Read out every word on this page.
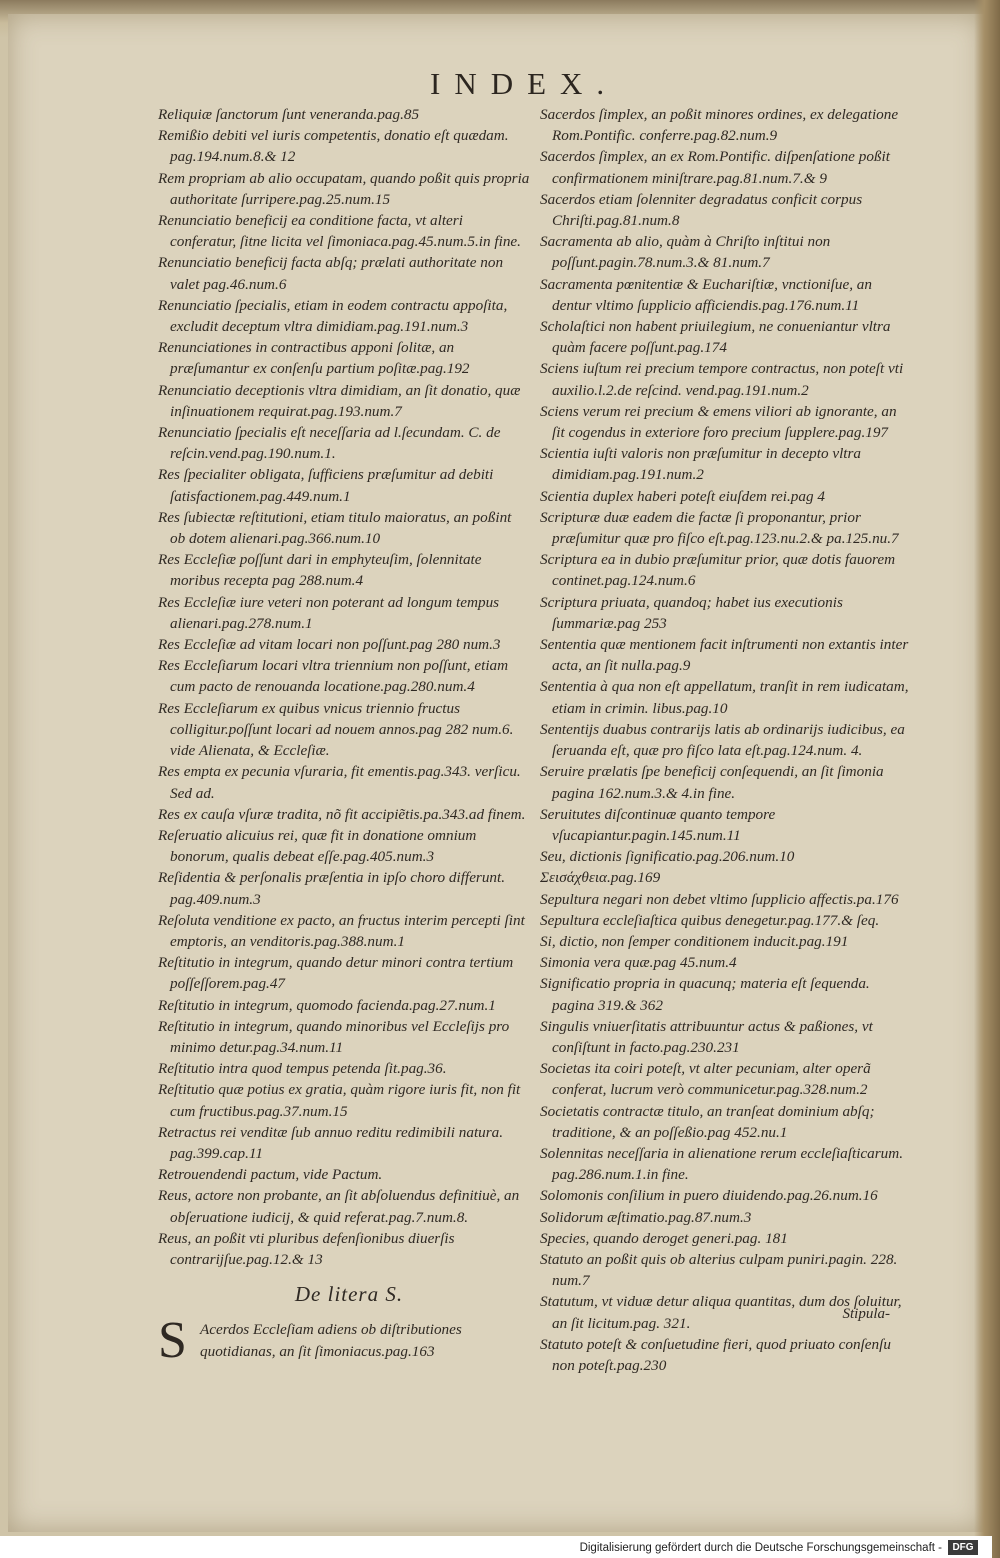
INDEX.

Reliquiæ ſanctorum ſunt veneranda.pag.85

Remißio debiti vel iuris competentis, donatio eſt quædam. pag.194.num.8.& 12

Rem propriam ab alio occupatam, quando poßit quis propria authoritate ſurripere.pag.25.num.15

Renunciatio beneficij ea conditione facta, vt alteri conferatur, ſitne licita vel ſimoniaca.pag.45.num.5.in fine.

Renunciatio beneficij facta abſq; prælati authoritate non valet pag.46.num.6

Renunciatio ſpecialis, etiam in eodem contractu appoſita, excludit deceptum vltra dimidiam.pag.191.num.3

Renunciationes in contractibus apponi ſolitæ, an præſumantur ex conſenſu partium poſitæ.pag.192

Renunciatio deceptionis vltra dimidiam, an ſit donatio, quæ inſinuationem requirat.pag.193.num.7

Renunciatio ſpecialis eſt neceſſaria ad l.ſecundam. C. de reſcin.vend.pag.190.num.1.

Res ſpecialiter obligata, ſufficiens præſumitur ad debiti ſatisfactionem.pag.449.num.1

Res ſubiectæ reſtitutioni, etiam titulo maioratus, an poßint ob dotem alienari.pag.366.num.10

Res Eccleſiæ poſſunt dari in emphyteuſim, ſolennitate moribus recepta pag 288.num.4

Res Eccleſiæ iure veteri non poterant ad longum tempus alienari.pag.278.num.1

Res Eccleſiæ ad vitam locari non poſſunt.pag 280 num.3

Res Eccleſiarum locari vltra triennium non poſſunt, etiam cum pacto de renouanda locatione.pag.280.num.4

Res Eccleſiarum ex quibus vnicus triennio fructus colligitur.poſſunt locari ad nouem annos.pag 282 num.6. vide Alienata, & Eccleſiæ.

Res empta ex pecunia vſuraria, fit ementis.pag.343. verſicu. Sed ad.

Res ex cauſa vſuræ tradita, nõ fit accipiẽtis.pa.343.ad finem.

Reſeruatio alicuius rei, quæ fit in donatione omnium bonorum, qualis debeat eſſe.pag.405.num.3

Reſidentia & perſonalis præſentia in ipſo choro differunt. pag.409.num.3

Reſoluta venditione ex pacto, an fructus interim percepti ſint emptoris, an venditoris.pag.388.num.1

Reſtitutio in integrum, quando detur minori contra tertium poſſeſſorem.pag.47

Reſtitutio in integrum, quomodo facienda.pag.27.num.1

Reſtitutio in integrum, quando minoribus vel Eccleſijs pro minimo detur.pag.34.num.11

Reſtitutio intra quod tempus petenda ſit.pag.36.

Reſtitutio quæ potius ex gratia, quàm rigore iuris fit, non fit cum fructibus.pag.37.num.15

Retractus rei venditæ ſub annuo reditu redimibili natura. pag.399.cap.11

Retrouendendi pactum, vide Pactum.

Reus, actore non probante, an ſit abſoluendus definitiuè, an obſeruatione iudicij, & quid referat.pag.7.num.8.

Reus, an poßit vti pluribus defenſionibus diuerſis contrarijſue.pag.12.& 13

De litera S.
S Acerdos Eccleſiam adiens ob diſtributiones quotidianas, an ſit ſimoniacus.pag.163

Sacerdos ſimplex, an poßit minores ordines, ex delegatione Rom.Pontific. conferre.pag.82.num.9

Sacerdos ſimplex, an ex Rom.Pontific. diſpenſatione poßit confirmationem miniſtrare.pag.81.num.7.& 9

Sacerdos etiam ſolenniter degradatus conficit corpus Chriſti.pag.81.num.8

Sacramenta ab alio, quàm à Chriſto inſtitui non poſſunt.pagin.78.num.3.& 81.num.7

Sacramenta pœnitentiæ & Euchariſtiæ, vnctioniſue, an dentur vltimo ſupplicio afficiendis.pag.176.num.11

Scholaſtici non habent priuilegium, ne conueniantur vltra quàm facere poſſunt.pag.174

Sciens iuſtum rei precium tempore contractus, non poteſt vti auxilio.l.2.de reſcind. vend.pag.191.num.2

Sciens verum rei precium & emens viliori ab ignorante, an ſit cogendus in exteriore foro precium ſupplere.pag.197

Scientia iuſti valoris non præſumitur in decepto vltra dimidiam.pag.191.num.2

Scientia duplex haberi poteſt eiuſdem rei.pag 4

Scripturæ duæ eadem die factæ ſi proponantur, prior præſumitur quæ pro fiſco eſt.pag.123.nu.2.& pa.125.nu.7

Scriptura ea in dubio præſumitur prior, quæ dotis fauorem continet.pag.124.num.6

Scriptura priuata, quandoq; habet ius executionis ſummariæ.pag 253

Sententia quæ mentionem facit inſtrumenti non extantis inter acta, an ſit nulla.pag.9

Sententia à qua non eſt appellatum, tranſit in rem iudicatam, etiam in crimin. libus.pag.10

Sententijs duabus contrarijs latis ab ordinarijs iudicibus, ea ſeruanda eſt, quæ pro fiſco lata eſt.pag.124.num. 4.

Seruire prælatis ſpe beneficij conſequendi, an ſit ſimonia pagina 162.num.3.& 4.in fine.

Seruitutes diſcontinuæ quanto tempore vſucapiantur.pagin.145.num.11

Seu, dictionis ſignificatio.pag.206.num.10

Σεισάχθεια.pag.169

Sepultura negari non debet vltimo ſupplicio affectis.pa.176

Sepultura eccleſiaſtica quibus denegetur.pag.177.& ſeq.

Si, dictio, non ſemper conditionem inducit.pag.191

Simonia vera quæ.pag 45.num.4

Significatio propria in quacunq; materia eſt ſequenda. pagina 319.& 362

Singulis vniuerſitatis attribuuntur actus & paßiones, vt conſiſtunt in facto.pag.230.231

Societas ita coiri poteſt, vt alter pecuniam, alter operã conferat, lucrum verò communicetur.pag.328.num.2

Societatis contractæ titulo, an tranſeat dominium abſq; traditione, & an poſſeßio.pag 452.nu.1

Solennitas neceſſaria in alienatione rerum eccleſiaſticarum. pag.286.num.1.in fine.

Solomonis conſilium in puero diuidendo.pag.26.num.16

Solidorum æſtimatio.pag.87.num.3

Species, quando deroget generi.pag. 181

Statuto an poßit quis ob alterius culpam puniri.pagin. 228. num.7

Statutum, vt viduæ detur aliqua quantitas, dum dos ſoluitur, an ſit licitum.pag. 321.

Statuto poteſt & conſuetudine fieri, quod priuato conſenſu non poteſt.pag.230

Stipula-
Digitalisierung gefördert durch die Deutsche Forschungsgemeinschaft -	DFG
